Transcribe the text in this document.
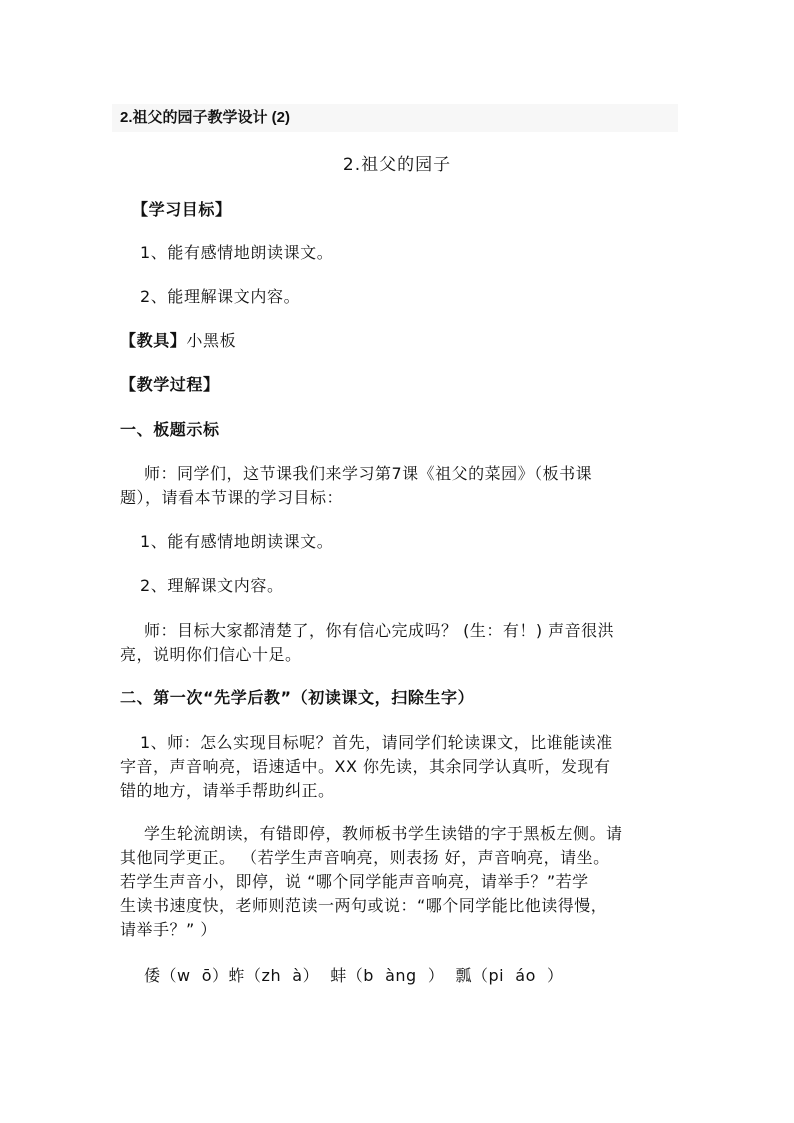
2.祖父的园子教学设计 (2)
2.祖父的园子
【学习目标】
1、能有感情地朗读课文。
2、能理解课文内容。
【教具】小黑板
【教学过程】
一、板题示标
师：同学们，这节课我们来学习第7课《祖父的菜园》（板书课
题），请看本节课的学习目标：
1、能有感情地朗读课文。
2、理解课文内容。
师：目标大家都清楚了，你有信心完成吗？ (生：有！) 声音很洪
亮，说明你们信心十足。
二、第一次“先学后教”（初读课文，扫除生字）
1、师：怎么实现目标呢？首先，请同学们轮读课文，比谁能读准
字音，声音响亮，语速适中。XX 你先读，其余同学认真听，发现有
错的地方，请举手帮助纠正。
学生轮流朗读，有错即停，教师板书学生读错的字于黑板左侧。请
其他同学更正。 （若学生声音响亮，则表扬 好，声音响亮，请坐。
若学生声音小，即停，说 “哪个同学能声音响亮，请举手？”若学
生读书速度快，老师则范读一两句或说：“哪个同学能比他读得慢，
请举手？” ）
倭（w  ō）蚱（zh  à）  蚌（b  àng  ）  瓢（pi  áo  ）
